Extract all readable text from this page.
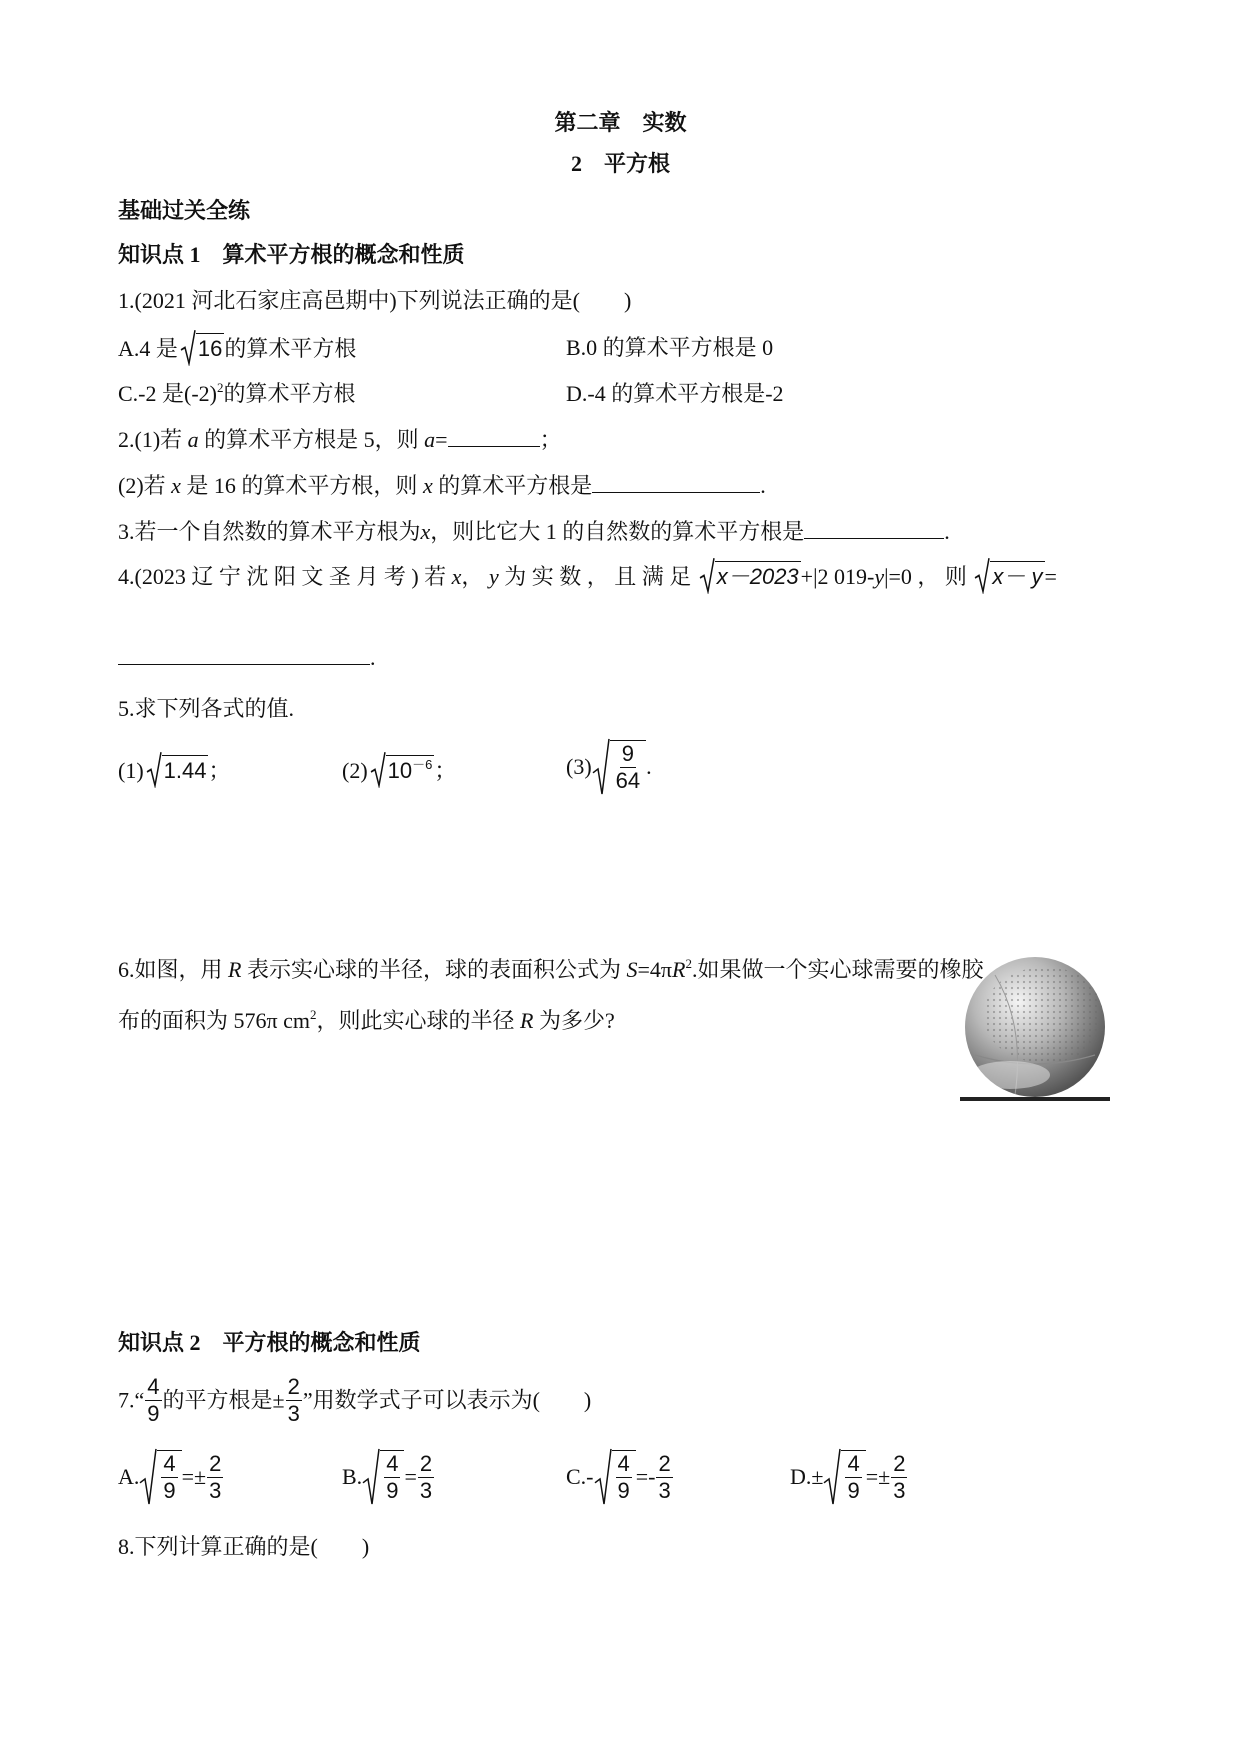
第二章　实数
2　平方根
基础过关全练
知识点 1　算术平方根的概念和性质
1.(2021 河北石家庄高邑期中)下列说法正确的是(　　)
A.4 是 16的算术平方根	B.0 的算术平方根是 0
C.-2 是$(-2)^2$的算术平方根	D.-4 的算术平方根是-2
2.(1)若 a 的算术平方根是 5，则 a=	；
(2)若 x 是 16 的算术平方根，则 x 的算术平方根是	.
3.若一个自然数的算术平方根为x，则比它大 1 的自然数的算术平方根是	.
4.(2023 辽 宁 沈 阳 文 圣 月 考 ) 若 x， y 为 实 数 ， 且 满 足
x－2023+|2 019-y|=0 ， 则
x－ y=
.
5.求下列各式的值.
(1) 1.44；	(2) $10^{-6}$；	$(3) \frac{9}{64}$ .
6.如图，用 R 表示实心球的半径，球的表面积公式为 $S=4\pi R^2$.如果做一个实心球需要的橡胶
布的面积为 576π $cm^2$，则此实心球的半径 R 为多少?
知识点 2　平方根的概念和性质
7.“ $\frac{4}{9}$ 的平方根是± $\frac{2}{3}$ ”用数学式子可以表示为(　　)
A. $\frac{4}{9} =\pm \frac{2}{3}$	B. $\frac{4}{9} = \frac{2}{3}$	$C.- \frac{4}{9} =- \frac{2}{3}$	$D.\pm \frac{4}{9} =\pm \frac{2}{3}$
8.下列计算正确的是(　　)
